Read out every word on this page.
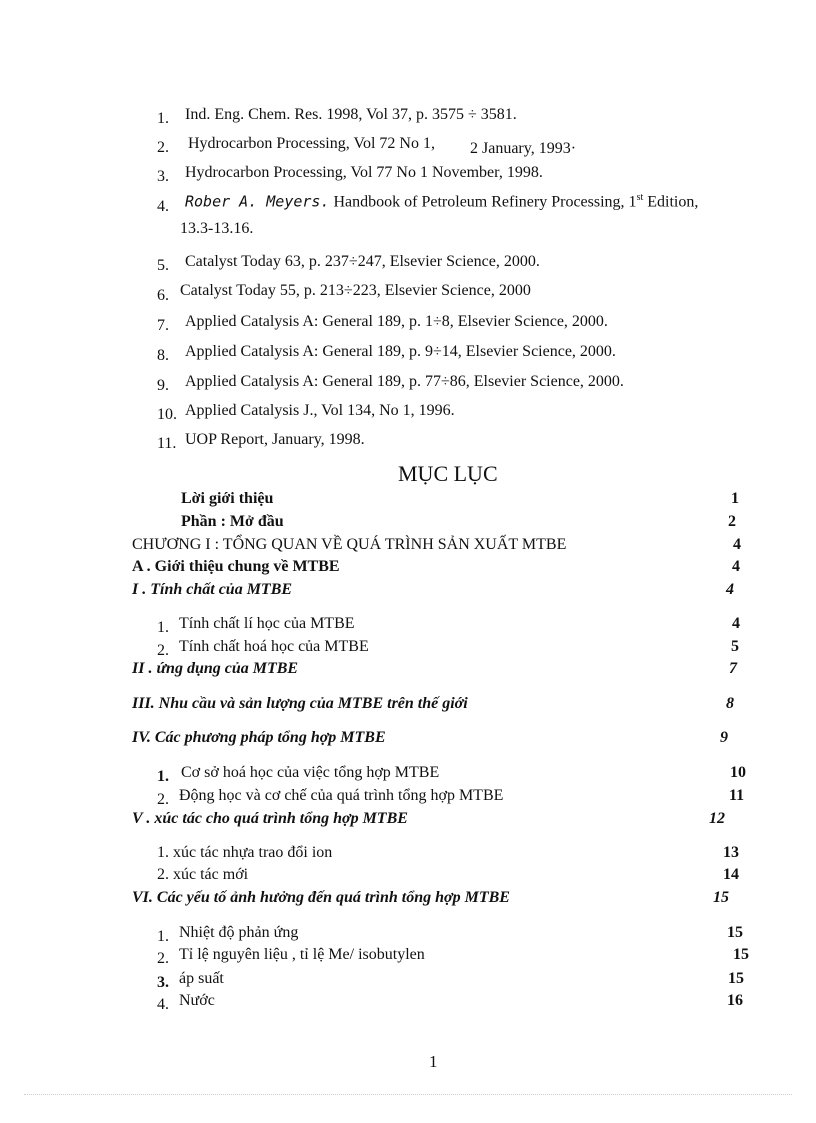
1. Ind. Eng. Chem. Res. 1998, Vol 37, p. 3575 ÷ 3581.
2. Hydrocarbon Processing, Vol 72 No 1, 2 January, 1993·
3. Hydrocarbon Processing, Vol 77 No 1 November, 1998.
4. Rober A. Meyers. Handbook of Petroleum Refinery Processing, 1st Edition,
13.3-13.16.
5. Catalyst Today 63, p. 237÷247, Elsevier Science, 2000.
6. Catalyst Today 55, p. 213÷223, Elsevier Science, 2000
7. Applied Catalysis A: General 189, p. 1÷8, Elsevier Science, 2000.
8. Applied Catalysis A: General 189, p. 9÷14, Elsevier Science, 2000.
9. Applied Catalysis A: General 189, p. 77÷86, Elsevier Science, 2000.
10. Applied Catalysis J., Vol 134, No 1, 1996.
11. UOP Report, January, 1998.
MỤC LỤC
Lời giới thiệu	1
Phần : Mở đầu	2
CHƯƠNG I : TỔNG QUAN VỀ QUÁ TRÌNH SẢN XUẤT MTBE	4
A . Giới thiệu chung về MTBE	4
I . Tính chất của MTBE	4
1. Tính chất lí học của MTBE	4
2. Tính chất hoá học của MTBE	5
II . ứng dụng của MTBE	7
III. Nhu cầu và sản lượng của MTBE trên thế giới	8
IV. Các phương pháp tổng hợp MTBE	9
1. Cơ sở hoá học của việc tổng hợp MTBE	10
2. Động học và cơ chế của quá trình tổng hợp MTBE	11
V . xúc tác cho quá trình tổng hợp MTBE	12
1. xúc tác nhựa trao đổi ion	13
2. xúc tác mới	14
VI. Các yếu tố ảnh hưởng đến quá trình tổng hợp MTBE	15
1. Nhiệt độ phản ứng	15
2. Tỉ lệ nguyên liệu , tỉ lệ Me/ isobutylen	15
3. áp suất	15
4. Nước	16
1
